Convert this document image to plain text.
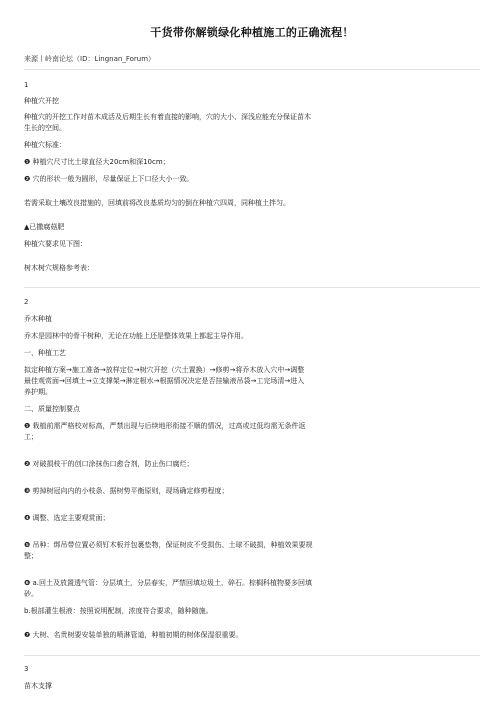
干货带你解锁绿化种植施工的正确流程！
来源丨岭南论坛（ID：Lingnan_Forum）
1
种植穴开挖
种植穴的开挖工作对苗木成活及后期生长有着直接的影响，穴的大小、深浅应能充分保证苗木
生长的空间。
种植穴标准：
❶ 种植穴尺寸比土球直径大20cm和深10cm；
❷ 穴的形状一般为圆形，尽量保证上下口径大小一致。
若需采取土壤改良措施的，回填前将改良基质均匀的倒在种植穴四周，同种植土拌匀。
▲已撒腐菇肥
种植穴要求见下图：
树木树穴规格参考表：
2
乔木种植
乔木是园林中的骨干树种，无论在功能上还是整体效果上都起主导作用。
一、种植工艺
拟定种植方案→施工准备→放样定位→树穴开挖（穴土置换）→修剪→将乔木放入穴中→调整
最佳观赏面→回填土→立支撑架→淋定根水→根据情况决定是否挂输液吊袋→工完场清→进入
养护期。
二、质量控制要点
❶ 栽植前需严格校对标高，严禁出现与后续地形衔接不顺的情况，过高或过低均需无条件返
工；
❷ 对破损枝干的创口涂抹伤口愈合剂，防止伤口腐烂；
❸ 剪掉树冠向内的小枝条、据树势平衡原则，现场确定修剪程度；
❹ 调整、选定主要观赏面；
❺ 吊种：绑吊带位置必须钉木板并包裹垫物，保证树皮不受损伤、土球不破损，种植效果要规
整；
❻ a.回土及放置透气管：分层填土，分层春实，严禁回填垃圾土、碎石。棕榈科植物要多回填
砂。
b.根部灌生根液：按照说明配制，浓度符合要求，随种随施。
❼ 大树、名贵树要安装单独的喷淋管道，种植初期的树体保湿很重要。
3
苗木支撑
